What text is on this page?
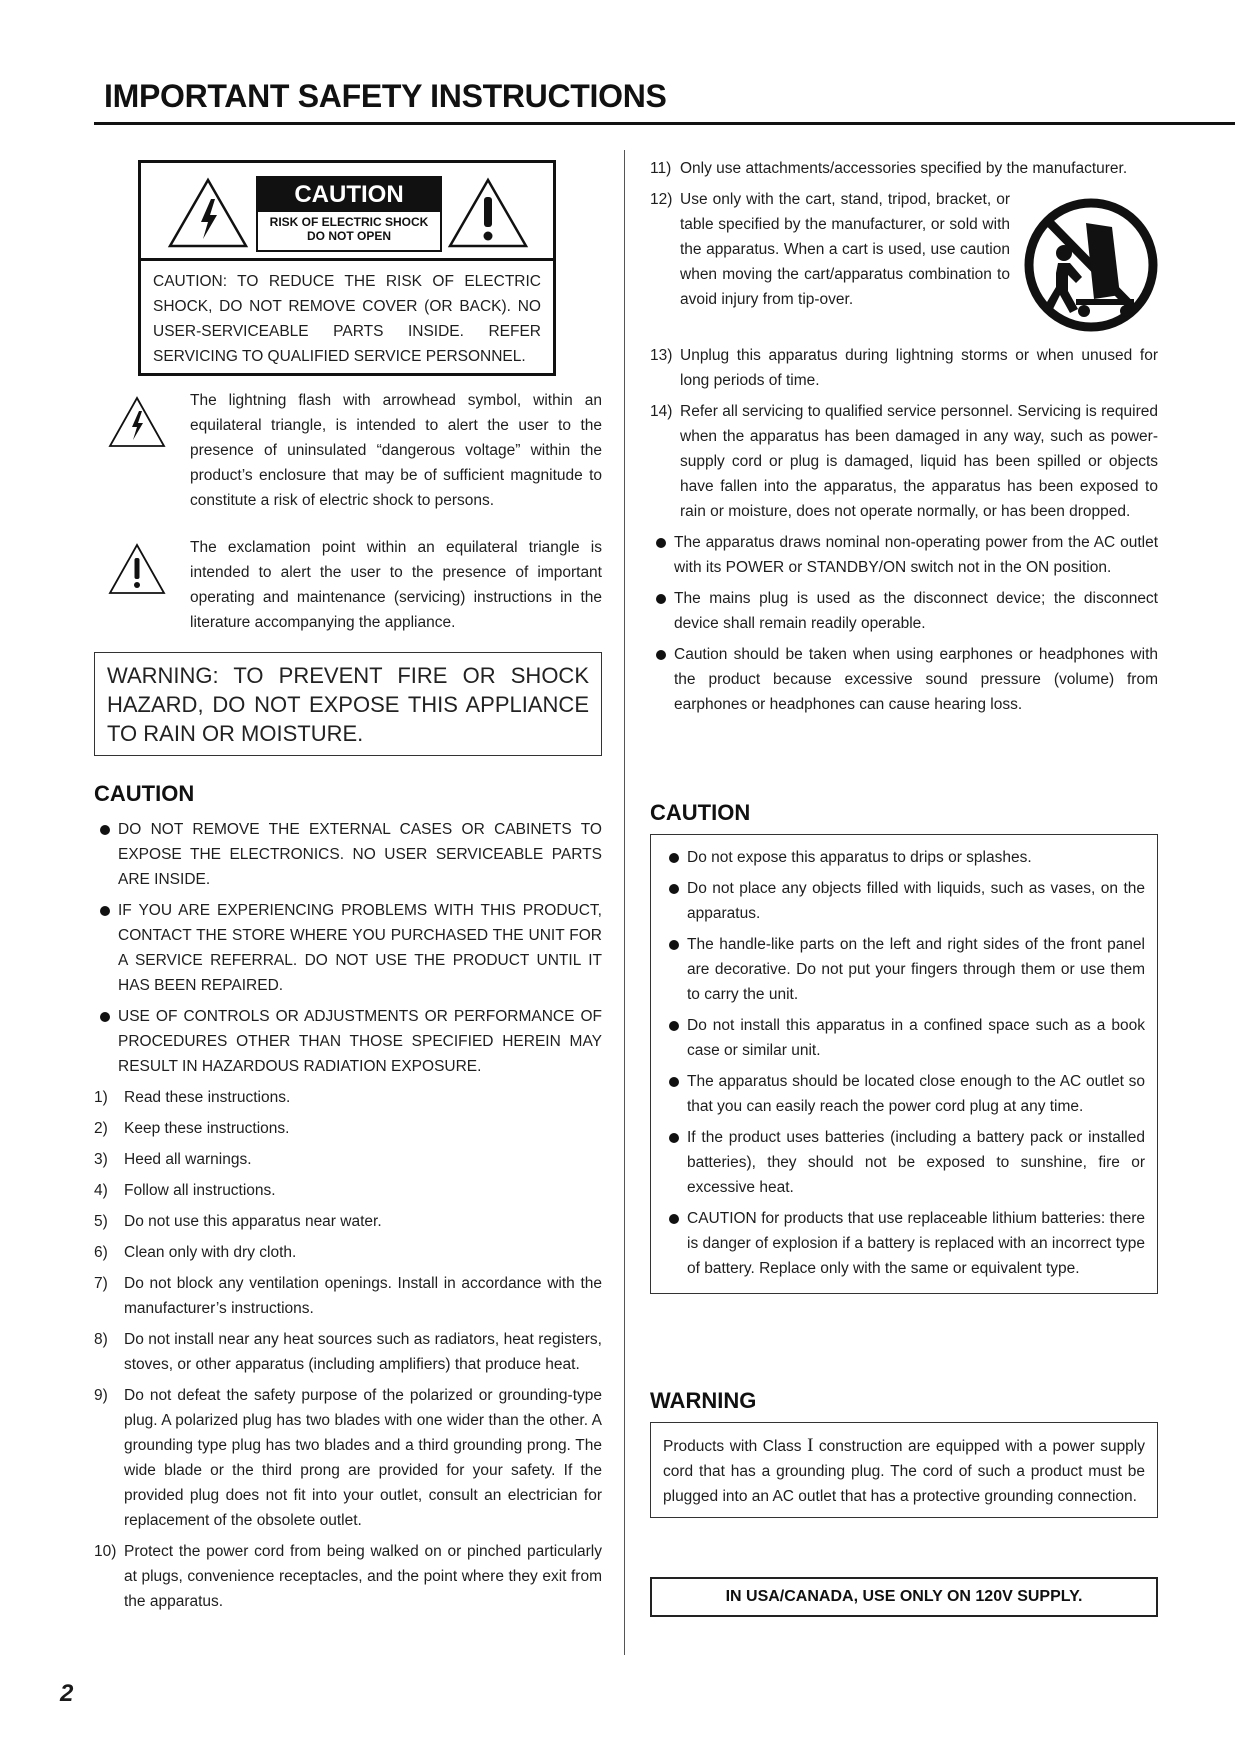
IMPORTANT SAFETY INSTRUCTIONS
CAUTION
RISK OF ELECTRIC SHOCK
DO NOT OPEN

CAUTION: TO REDUCE THE RISK OF ELECTRIC SHOCK, DO NOT REMOVE COVER (OR BACK). NO USER-SERVICEABLE PARTS INSIDE. REFER SERVICING TO QUALIFIED SERVICE PERSONNEL.

The lightning flash with arrowhead symbol, within an equilateral triangle, is intended to alert the user to the presence of uninsulated “dangerous voltage” within the product’s enclosure that may be of sufficient magnitude to constitute a risk of electric shock to persons.

The exclamation point within an equilateral triangle is intended to alert the user to the presence of important operating and maintenance (servicing) instructions in the literature accompanying the appliance.

WARNING: TO PREVENT FIRE OR SHOCK HAZARD, DO NOT EXPOSE THIS APPLIANCE TO RAIN OR MOISTURE.
CAUTION
DO NOT REMOVE THE EXTERNAL CASES OR CABINETS TO EXPOSE THE ELECTRONICS. NO USER SERVICEABLE PARTS ARE INSIDE.
IF YOU ARE EXPERIENCING PROBLEMS WITH THIS PRODUCT, CONTACT THE STORE WHERE YOU PURCHASED THE UNIT FOR A SERVICE REFERRAL. DO NOT USE THE PRODUCT UNTIL IT HAS BEEN REPAIRED.
USE OF CONTROLS OR ADJUSTMENTS OR PERFORMANCE OF PROCEDURES OTHER THAN THOSE SPECIFIED HEREIN MAY RESULT IN HAZARDOUS RADIATION EXPOSURE.
1) Read these instructions.
2) Keep these instructions.
3) Heed all warnings.
4) Follow all instructions.
5) Do not use this apparatus near water.
6) Clean only with dry cloth.
7) Do not block any ventilation openings. Install in accordance with the manufacturer’s instructions.
8) Do not install near any heat sources such as radiators, heat registers, stoves, or other apparatus (including amplifiers) that produce heat.
9) Do not defeat the safety purpose of the polarized or grounding-type plug. A polarized plug has two blades with one wider than the other. A grounding type plug has two blades and a third grounding prong. The wide blade or the third prong are provided for your safety. If the provided plug does not fit into your outlet, consult an electrician for replacement of the obsolete outlet.
10) Protect the power cord from being walked on or pinched particularly at plugs, convenience receptacles, and the point where they exit from the apparatus.
11) Only use attachments/accessories specified by the manufacturer.
12) Use only with the cart, stand, tripod, bracket, or table specified by the manufacturer, or sold with the apparatus. When a cart is used, use caution when moving the cart/apparatus combination to avoid injury from tip-over.
13) Unplug this apparatus during lightning storms or when unused for long periods of time.
14) Refer all servicing to qualified service personnel. Servicing is required when the apparatus has been damaged in any way, such as power-supply cord or plug is damaged, liquid has been spilled or objects have fallen into the apparatus, the apparatus has been exposed to rain or moisture, does not operate normally, or has been dropped.
The apparatus draws nominal non-operating power from the AC outlet with its POWER or STANDBY/ON switch not in the ON position.
The mains plug is used as the disconnect device; the disconnect device shall remain readily operable.
Caution should be taken when using earphones or headphones with the product because excessive sound pressure (volume) from earphones or headphones can cause hearing loss.
CAUTION
Do not expose this apparatus to drips or splashes.
Do not place any objects filled with liquids, such as vases, on the apparatus.
The handle-like parts on the left and right sides of the front panel are decorative. Do not put your fingers through them or use them to carry the unit.
Do not install this apparatus in a confined space such as a book case or similar unit.
The apparatus should be located close enough to the AC outlet so that you can easily reach the power cord plug at any time.
If the product uses batteries (including a battery pack or installed batteries), they should not be exposed to sunshine, fire or excessive heat.
CAUTION for products that use replaceable lithium batteries: there is danger of explosion if a battery is replaced with an incorrect type of battery. Replace only with the same or equivalent type.
WARNING
Products with Class I construction are equipped with a power supply cord that has a grounding plug. The cord of such a product must be plugged into an AC outlet that has a protective grounding connection.
IN USA/CANADA, USE ONLY ON 120V SUPPLY.
2
